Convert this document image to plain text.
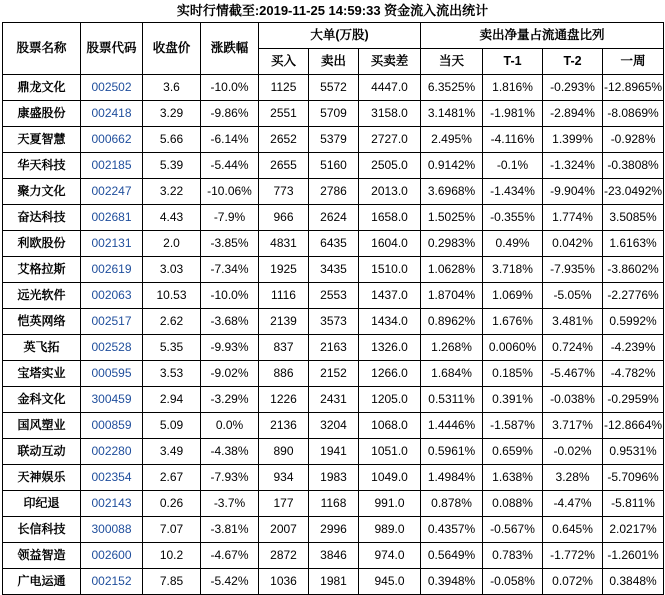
实时行情截至:2019-11-25 14:59:33 资金流入流出统计
股票名称	股票代码	收盘价	涨跌幅	大单(万股)			卖出净量占流通盘比列			
				买入	卖出	买卖差	当天	T-1	T-2	一周
鼎龙文化	002502	3.6	-10.0%	1125	5572	4447.0	6.3525%	1.816%	-0.293%	-12.8965%
康盛股份	002418	3.29	-9.86%	2551	5709	3158.0	3.1481%	-1.981%	-2.894%	-8.0869%
天夏智慧	000662	5.66	-6.14%	2652	5379	2727.0	2.495%	-4.116%	1.399%	-0.928%
华天科技	002185	5.39	-5.44%	2655	5160	2505.0	0.9142%	-0.1%	-1.324%	-0.3808%
聚力文化	002247	3.22	-10.06%	773	2786	2013.0	3.6968%	-1.434%	-9.904%	-23.0492%
奋达科技	002681	4.43	-7.9%	966	2624	1658.0	1.5025%	-0.355%	1.774%	3.5085%
利欧股份	002131	2.0	-3.85%	4831	6435	1604.0	0.2983%	0.49%	0.042%	1.6163%
艾格拉斯	002619	3.03	-7.34%	1925	3435	1510.0	1.0628%	3.718%	-7.935%	-3.8602%
远光软件	002063	10.53	-10.0%	1116	2553	1437.0	1.8704%	1.069%	-5.05%	-2.2776%
恺英网络	002517	2.62	-3.68%	2139	3573	1434.0	0.8962%	1.676%	3.481%	0.5992%
英飞拓	002528	5.35	-9.93%	837	2163	1326.0	1.268%	0.0060%	0.724%	-4.239%
宝塔实业	000595	3.53	-9.02%	886	2152	1266.0	1.684%	0.185%	-5.467%	-4.782%
金科文化	300459	2.94	-3.29%	1226	2431	1205.0	0.5311%	0.391%	-0.038%	-0.2959%
国风塑业	000859	5.09	0.0%	2136	3204	1068.0	1.4446%	-1.587%	3.717%	-12.8664%
联动互动	002280	3.49	-4.38%	890	1941	1051.0	0.5961%	0.659%	-0.02%	0.9531%
天神娱乐	002354	2.67	-7.93%	934	1983	1049.0	1.4984%	1.638%	3.28%	-5.7096%
印纪退	002143	0.26	-3.7%	177	1168	991.0	0.878%	0.088%	-4.47%	-5.811%
长信科技	300088	7.07	-3.81%	2007	2996	989.0	0.4357%	-0.567%	0.645%	2.0217%
领益智造	002600	10.2	-4.67%	2872	3846	974.0	0.5649%	0.783%	-1.772%	-1.2601%
广电运通	002152	7.85	-5.42%	1036	1981	945.0	0.3948%	-0.058%	0.072%	0.3848%
